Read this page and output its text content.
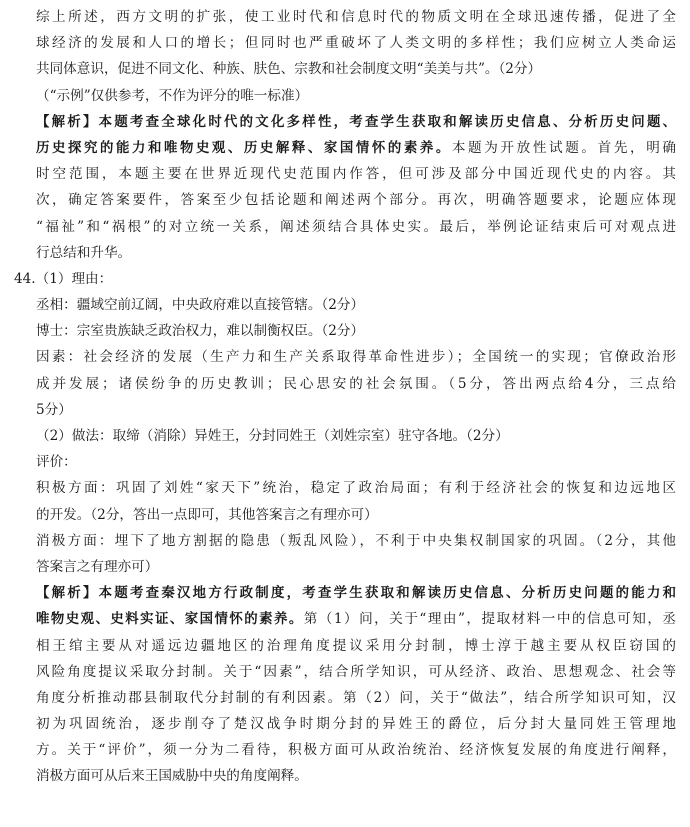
综上所述，西方文明的扩张，使工业时代和信息时代的物质文明在全球迅速传播，促进了全
球经济的发展和人口的增长；但同时也严重破坏了人类文明的多样性；我们应树立人类命运
共同体意识，促进不同文化、种族、肤色、宗教和社会制度文明“美美与共”。（2分）
（“示例”仅供参考，不作为评分的唯一标准）
【解析】本题考查全球化时代的文化多样性，考查学生获取和解读历史信息、分析历史问题、
历史探究的能力和唯物史观、历史解释、家国情怀的素养。本题为开放性试题。首先，明确
时空范围，本题主要在世界近现代史范围内作答，但可涉及部分中国近现代史的内容。其
次，确定答案要件，答案至少包括论题和阐述两个部分。再次，明确答题要求，论题应体现
“福祉”和“祸根”的对立统一关系，阐述须结合具体史实。最后，举例论证结束后可对观点进
行总结和升华。
44.（1）理由：
丞相：疆域空前辽阔，中央政府难以直接管辖。（2分）
博士：宗室贵族缺乏政治权力，难以制衡权臣。（2分）
因素：社会经济的发展（生产力和生产关系取得革命性进步）；全国统一的实现；官僚政治形
成并发展；诸侯纷争的历史教训；民心思安的社会氛围。（5分，答出两点给4分，三点给
5分）
（2）做法：取缔（消除）异姓王，分封同姓王（刘姓宗室）驻守各地。（2分）
评价：
积极方面：巩固了刘姓“家天下”统治，稳定了政治局面；有利于经济社会的恢复和边远地区
的开发。（2分，答出一点即可，其他答案言之有理亦可）
消极方面：埋下了地方割据的隐患（叛乱风险），不利于中央集权制国家的巩固。（2分，其他
答案言之有理亦可）
【解析】本题考查秦汉地方行政制度，考查学生获取和解读历史信息、分析历史问题的能力和
唯物史观、史料实证、家国情怀的素养。第（1）问，关于“理由”，提取材料一中的信息可知，丞
相王绾主要从对遥远边疆地区的治理角度提议采用分封制，博士淳于越主要从权臣窃国的
风险角度提议采取分封制。关于“因素”，结合所学知识，可从经济、政治、思想观念、社会等
角度分析推动郡县制取代分封制的有利因素。第（2）问，关于“做法”，结合所学知识可知，汉
初为巩固统治，逐步削夺了楚汉战争时期分封的异姓王的爵位，后分封大量同姓王管理地
方。关于“评价”，须一分为二看待，积极方面可从政治统治、经济恢复发展的角度进行阐释，
消极方面可从后来王国威胁中央的角度阐释。
